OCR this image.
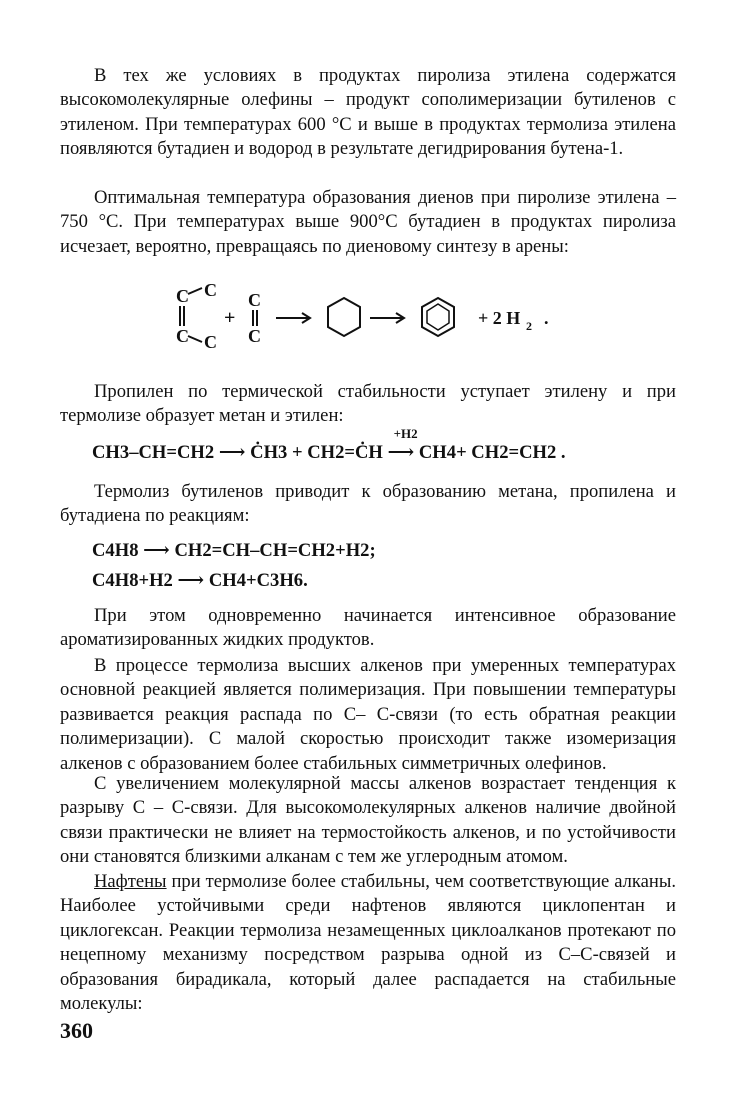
В тех же условиях в продуктах пиролиза этилена содержатся высокомолекулярные олефины – продукт сополимеризации бутиленов с этиленом. При температурах 600 °С и выше в продуктах термолиза этилена появляются бутадиен и водород в результате дегидрирования бутена-1.

Оптимальная температура образования диенов при пиролизе этилена – 750 °С. При температурах выше 900°С бутадиен в продуктах пиролиза исчезает, вероятно, превращаясь по диеновому синтезу в арены:

C C
C C
+
C
C
+ 2 H 2 .

Пропилен по термической стабильности уступает этилену и при термолизе образует метан и этилен:

CH3–CH=CH2 ⟶ ĊH3 + CH2=ĊH
+H2
⟶ CH4+ CH2=CH2 .

Термолиз бутиленов приводит к образованию метана, пропилена и бутадиена по реакциям:

C4H8 ⟶ CH2=CH–CH=CH2+H2;
C4H8+H2 ⟶ CH4+C3H6.

При этом одновременно начинается интенсивное образование ароматизированных жидких продуктов.

В процессе термолиза высших алкенов при умеренных температурах основной реакцией является полимеризация. При повышении температуры развивается реакция распада по С– С-связи (то есть обратная реакции полимеризации). С малой скоростью происходит также изомеризация алкенов с образованием более стабильных симметричных олефинов.

С увеличением молекулярной массы алкенов возрастает тенденция к разрыву С – С-связи. Для высокомолекулярных алкенов наличие двойной связи практически не влияет на термостойкость алкенов, и по устойчивости они становятся близкими алканам с тем же углеродным атомом.

Нафтены при термолизе более стабильны, чем соответствующие алканы. Наиболее устойчивыми среди нафтенов являются циклопентан и циклогексан. Реакции термолиза незамещенных циклоалканов протекают по нецепному механизму посредством разрыва одной из С–С-связей и образования бирадикала, который далее распадается на стабильные молекулы:

360
